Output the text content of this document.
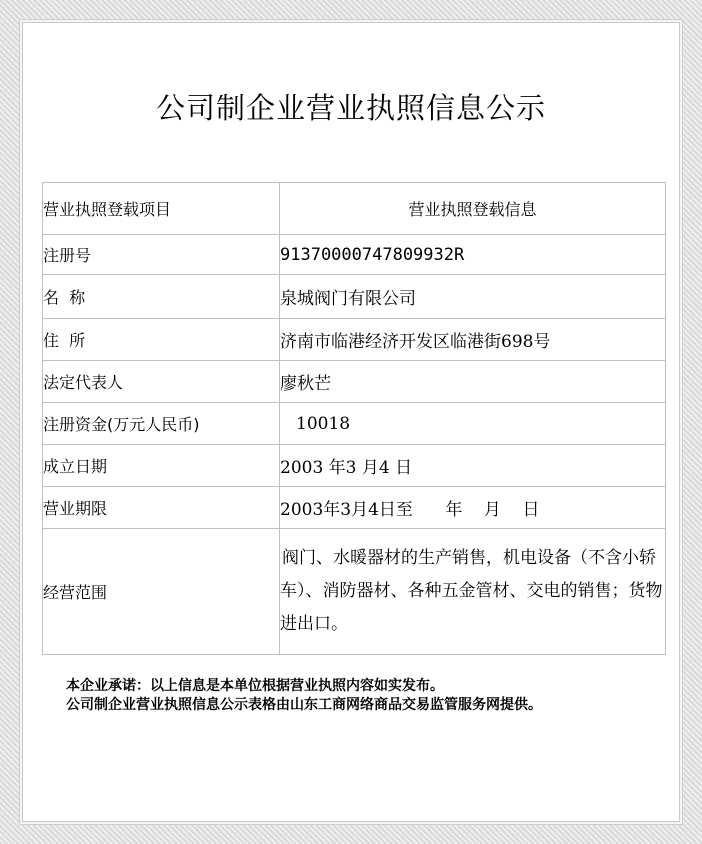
公司制企业营业执照信息公示
营业执照登载项目	营业执照登载信息
注册号	91370000747809932R
名  称	泉城阀门有限公司
住  所	济南市临港经济开发区临港街698号
法定代表人	廖秋芒
注册资金(万元人民币)	10018
成立日期	2003 年3 月4 日
营业期限	2003年3月4日至      年    月    日
经营范围	阀门、水暖器材的生产销售，机电设备（不含小轿车）、消防器材、各种五金管材、交电的销售；货物进出口。
本企业承诺：以上信息是本单位根据营业执照内容如实发布。
公司制企业营业执照信息公示表格由山东工商网络商品交易监管服务网提供。
